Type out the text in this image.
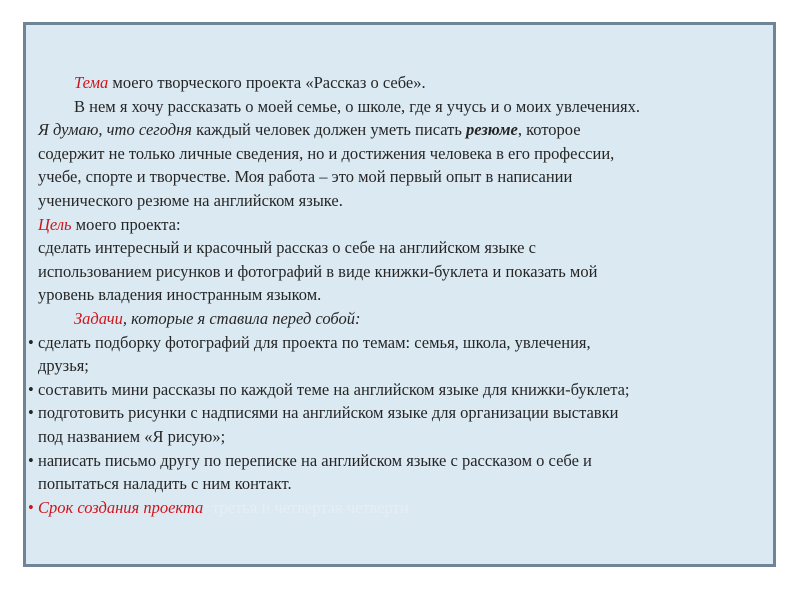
Тема моего творческого проекта «Рассказ о себе».
В нем я хочу рассказать о моей семье, о школе, где я учусь и о моих увлечениях.
Я думаю, что сегодня каждый человек должен уметь писать резюме, которое
содержит не только личные сведения, но и достижения человека в его профессии,
учебе, спорте и творчестве. Моя работа – это мой первый опыт в написании
ученического резюме на английском языке.
Цель моего проекта:
сделать интересный и красочный рассказ о себе на английском языке с
использованием рисунков и фотографий в виде книжки-буклета и показать мой
уровень владения иностранным языком.
Задачи, которые я ставила перед собой:
• сделать подборку фотографий для проекта по темам: семья, школа, увлечения,
друзья;
• составить мини рассказы по каждой теме на английском языке для книжки-буклета;
• подготовить рисунки с надписями на английском языке для организации выставки
под названием «Я рисую»;
• написать письмо другу по переписке на английском языке с рассказом о себе и
попытаться наладить с ним контакт.
• Срок создания проекта: третья и четвертая четверти.
